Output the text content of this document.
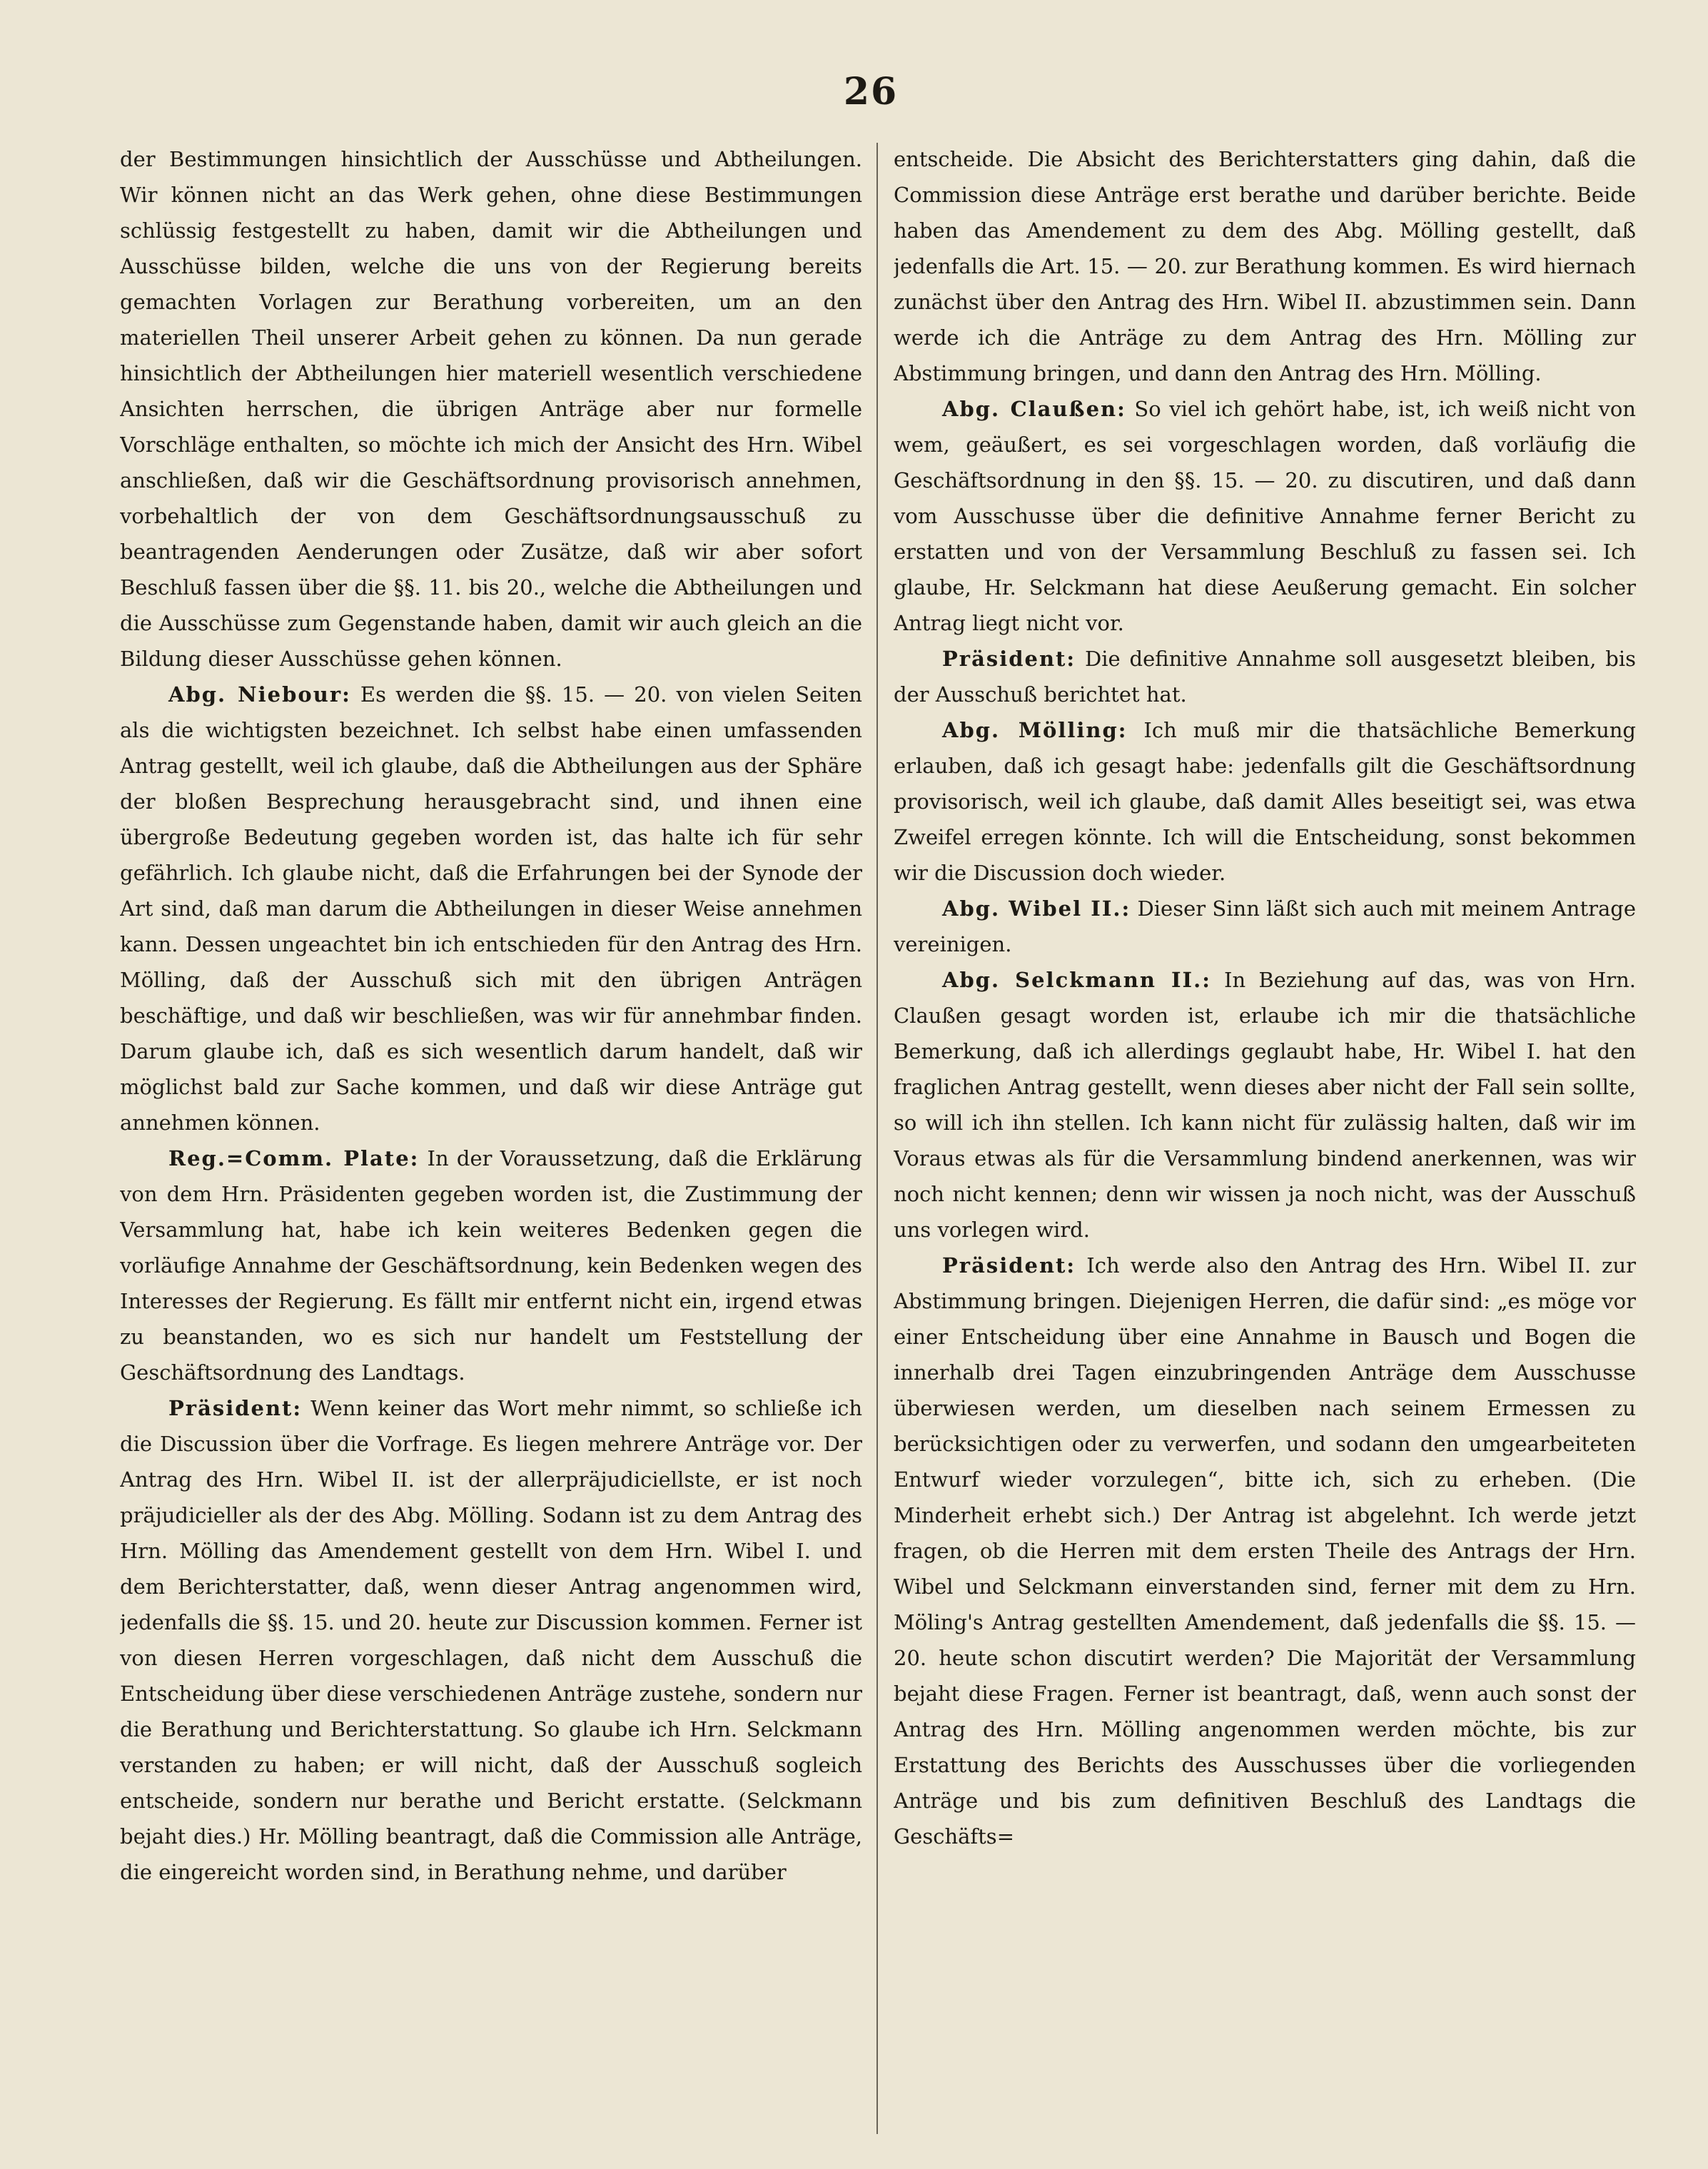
26

der Bestimmungen hinsichtlich der Ausschüsse und Abtheilungen. Wir können nicht an das Werk gehen, ohne diese Bestimmungen schlüssig festgestellt zu haben, damit wir die Abtheilungen und Ausschüsse bilden, welche die uns von der Regierung bereits gemachten Vorlagen zur Berathung vorbereiten, um an den materiellen Theil unserer Arbeit gehen zu können. Da nun gerade hinsichtlich der Abtheilungen hier materiell wesentlich verschiedene Ansichten herrschen, die übrigen Anträge aber nur formelle Vorschläge enthalten, so möchte ich mich der Ansicht des Hrn. Wibel anschließen, daß wir die Geschäftsordnung provisorisch annehmen, vorbehaltlich der von dem Geschäftsordnungsausschuß zu beantragenden Aenderungen oder Zusätze, daß wir aber sofort Beschluß fassen über die §§. 11. bis 20., welche die Abtheilungen und die Ausschüsse zum Gegenstande haben, damit wir auch gleich an die Bildung dieser Ausschüsse gehen können.

Abg. Niebour: Es werden die §§. 15. — 20. von vielen Seiten als die wichtigsten bezeichnet. Ich selbst habe einen umfassenden Antrag gestellt, weil ich glaube, daß die Abtheilungen aus der Sphäre der bloßen Besprechung herausgebracht sind, und ihnen eine übergroße Bedeutung gegeben worden ist, das halte ich für sehr gefährlich. Ich glaube nicht, daß die Erfahrungen bei der Synode der Art sind, daß man darum die Abtheilungen in dieser Weise annehmen kann. Dessen ungeachtet bin ich entschieden für den Antrag des Hrn. Mölling, daß der Ausschuß sich mit den übrigen Anträgen beschäftige, und daß wir beschließen, was wir für annehmbar finden. Darum glaube ich, daß es sich wesentlich darum handelt, daß wir möglichst bald zur Sache kommen, und daß wir diese Anträge gut annehmen können.

Reg.=Comm. Plate: In der Voraussetzung, daß die Erklärung von dem Hrn. Präsidenten gegeben worden ist, die Zustimmung der Versammlung hat, habe ich kein weiteres Bedenken gegen die vorläufige Annahme der Geschäftsordnung, kein Bedenken wegen des Interesses der Regierung. Es fällt mir entfernt nicht ein, irgend etwas zu beanstanden, wo es sich nur handelt um Feststellung der Geschäftsordnung des Landtags.

Präsident: Wenn keiner das Wort mehr nimmt, so schließe ich die Discussion über die Vorfrage. Es liegen mehrere Anträge vor. Der Antrag des Hrn. Wibel II. ist der allerpräjudiciellste, er ist noch präjudicieller als der des Abg. Mölling. Sodann ist zu dem Antrag des Hrn. Mölling das Amendement gestellt von dem Hrn. Wibel I. und dem Berichterstatter, daß, wenn dieser Antrag angenommen wird, jedenfalls die §§. 15. und 20. heute zur Discussion kommen. Ferner ist von diesen Herren vorgeschlagen, daß nicht dem Ausschuß die Entscheidung über diese verschiedenen Anträge zustehe, sondern nur die Berathung und Berichterstattung. So glaube ich Hrn. Selckmann verstanden zu haben; er will nicht, daß der Ausschuß sogleich entscheide, sondern nur berathe und Bericht erstatte. (Selckmann bejaht dies.) Hr. Mölling beantragt, daß die Commission alle Anträge, die eingereicht worden sind, in Berathung nehme, und darüber

entscheide. Die Absicht des Berichterstatters ging dahin, daß die Commission diese Anträge erst berathe und darüber berichte. Beide haben das Amendement zu dem des Abg. Mölling gestellt, daß jedenfalls die Art. 15. — 20. zur Berathung kommen. Es wird hiernach zunächst über den Antrag des Hrn. Wibel II. abzustimmen sein. Dann werde ich die Anträge zu dem Antrag des Hrn. Mölling zur Abstimmung bringen, und dann den Antrag des Hrn. Mölling.

Abg. Claußen: So viel ich gehört habe, ist, ich weiß nicht von wem, geäußert, es sei vorgeschlagen worden, daß vorläufig die Geschäftsordnung in den §§. 15. — 20. zu discutiren, und daß dann vom Ausschusse über die definitive Annahme ferner Bericht zu erstatten und von der Versammlung Beschluß zu fassen sei. Ich glaube, Hr. Selckmann hat diese Aeußerung gemacht. Ein solcher Antrag liegt nicht vor.

Präsident: Die definitive Annahme soll ausgesetzt bleiben, bis der Ausschuß berichtet hat.

Abg. Mölling: Ich muß mir die thatsächliche Bemerkung erlauben, daß ich gesagt habe: jedenfalls gilt die Geschäftsordnung provisorisch, weil ich glaube, daß damit Alles beseitigt sei, was etwa Zweifel erregen könnte. Ich will die Entscheidung, sonst bekommen wir die Discussion doch wieder.

Abg. Wibel II.: Dieser Sinn läßt sich auch mit meinem Antrage vereinigen.

Abg. Selckmann II.: In Beziehung auf das, was von Hrn. Claußen gesagt worden ist, erlaube ich mir die thatsächliche Bemerkung, daß ich allerdings geglaubt habe, Hr. Wibel I. hat den fraglichen Antrag gestellt, wenn dieses aber nicht der Fall sein sollte, so will ich ihn stellen. Ich kann nicht für zulässig halten, daß wir im Voraus etwas als für die Versammlung bindend anerkennen, was wir noch nicht kennen; denn wir wissen ja noch nicht, was der Ausschuß uns vorlegen wird.

Präsident: Ich werde also den Antrag des Hrn. Wibel II. zur Abstimmung bringen. Diejenigen Herren, die dafür sind: „es möge vor einer Entscheidung über eine Annahme in Bausch und Bogen die innerhalb drei Tagen einzubringenden Anträge dem Ausschusse überwiesen werden, um dieselben nach seinem Ermessen zu berücksichtigen oder zu verwerfen, und sodann den umgearbeiteten Entwurf wieder vorzulegen“, bitte ich, sich zu erheben. (Die Minderheit erhebt sich.) Der Antrag ist abgelehnt. Ich werde jetzt fragen, ob die Herren mit dem ersten Theile des Antrags der Hrn. Wibel und Selckmann einverstanden sind, ferner mit dem zu Hrn. Möling's Antrag gestellten Amendement, daß jedenfalls die §§. 15. — 20. heute schon discutirt werden? Die Majorität der Versammlung bejaht diese Fragen. Ferner ist beantragt, daß, wenn auch sonst der Antrag des Hrn. Mölling angenommen werden möchte, bis zur Erstattung des Berichts des Ausschusses über die vorliegenden Anträge und bis zum definitiven Beschluß des Landtags die Geschäfts=
